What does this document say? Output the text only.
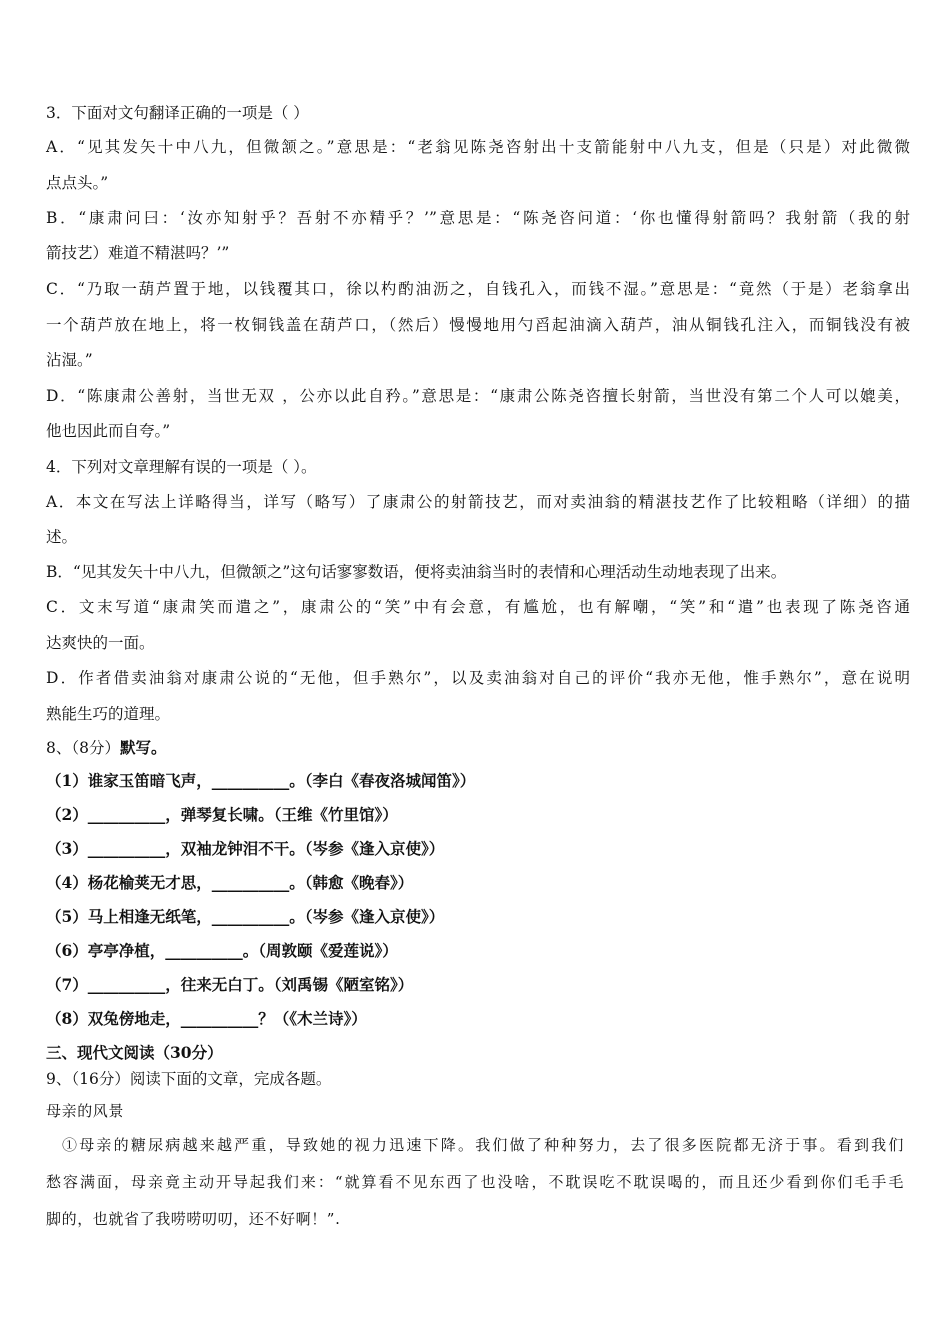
3．下面对文句翻译正确的一项是（ ）
A．“见其发矢十中八九，但微颔之。”意思是：“老翁见陈尧咨射出十支箭能射中八九支，但是（只是）对此微微
点点头。”
B．“康肃问曰：‘汝亦知射乎？吾射不亦精乎？’”意思是：“陈尧咨问道：‘你也懂得射箭吗？我射箭（我的射
箭技艺）难道不精湛吗？’”
C．“乃取一葫芦置于地，以钱覆其口，徐以杓酌油沥之，自钱孔入，而钱不湿。”意思是：“竟然（于是）老翁拿出
一个葫芦放在地上，将一枚铜钱盖在葫芦口，（然后）慢慢地用勺舀起油滴入葫芦，油从铜钱孔注入，而铜钱没有被
沾湿。”
D．“陈康肃公善射，当世无双 ，公亦以此自矜。”意思是：“康肃公陈尧咨擅长射箭，当世没有第二个人可以媲美，
他也因此而自夸。”
4．下列对文章理解有误的一项是（ ）。
A．本文在写法上详略得当，详写（略写）了康肃公的射箭技艺，而对卖油翁的精湛技艺作了比较粗略（详细）的描
述。
B．“见其发矢十中八九，但微颔之”这句话寥寥数语，便将卖油翁当时的表情和心理活动生动地表现了出来。
C．文末写道“康肃笑而遣之”，康肃公的“笑”中有会意，有尴尬，也有解嘲，“笑”和“遣”也表现了陈尧咨通
达爽快的一面。
D．作者借卖油翁对康肃公说的“无他，但手熟尔”，以及卖油翁对自己的评价“我亦无他，惟手熟尔”，意在说明
熟能生巧的道理。
8、（8分）默写。
（1）谁家玉笛暗飞声，__________。（李白《春夜洛城闻笛》）
（2）__________，弹琴复长啸。（王维《竹里馆》）
（3）__________，双袖龙钟泪不干。（岑参《逢入京使》）
（4）杨花榆荚无才思，__________。（韩愈《晚春》）
（5）马上相逢无纸笔，__________。（岑参《逢入京使》）
（6）亭亭净植，__________。（周敦颐《爱莲说》）
（7）__________，往来无白丁。（刘禹锡《陋室铭》）
（8）双兔傍地走，__________？（《木兰诗》）
三、现代文阅读（30分）
9、（16分）阅读下面的文章，完成各题。
母亲的风景
①母亲的糖尿病越来越严重，导致她的视力迅速下降。我们做了种种努力，去了很多医院都无济于事。看到我们
愁容满面，母亲竟主动开导起我们来：“就算看不见东西了也没啥，不耽误吃不耽误喝的，而且还少看到你们毛手毛
脚的，也就省了我唠唠叨叨，还不好啊！”.
